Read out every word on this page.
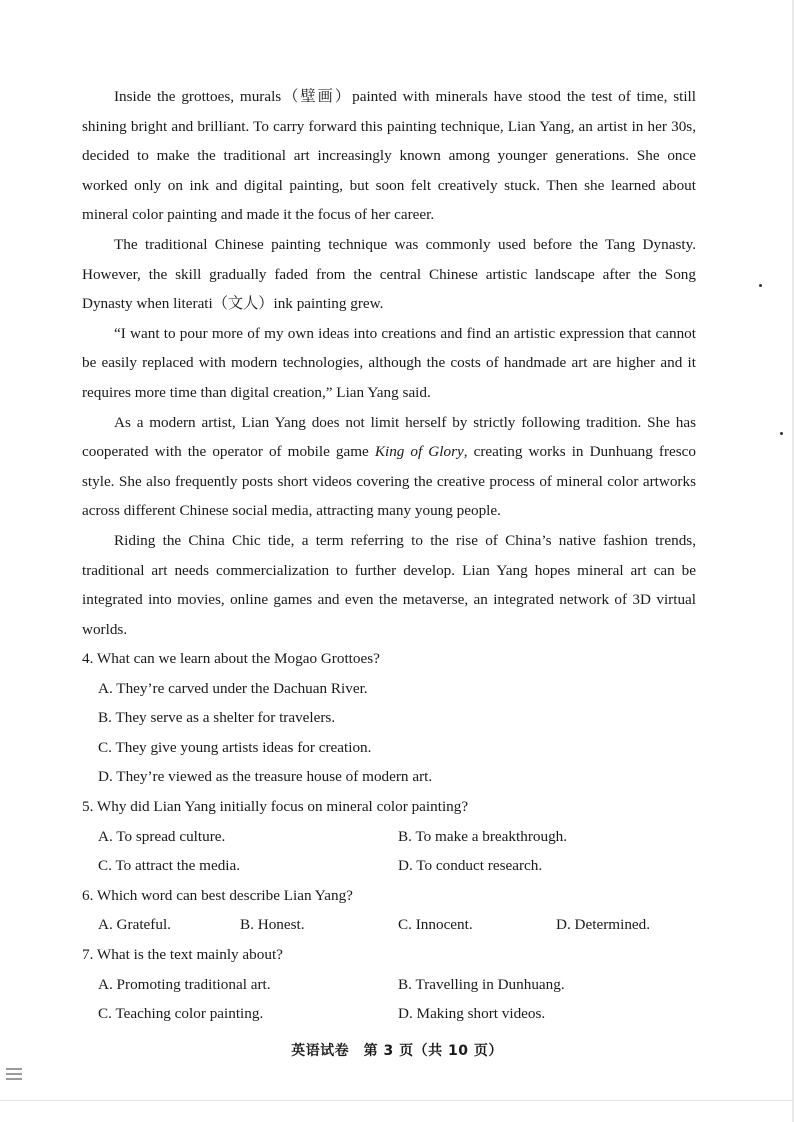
Inside the grottoes, murals（壁画）painted with minerals have stood the test of time, still shining bright and brilliant. To carry forward this painting technique, Lian Yang, an artist in her 30s, decided to make the traditional art increasingly known among younger generations. She once worked only on ink and digital painting, but soon felt creatively stuck. Then she learned about mineral color painting and made it the focus of her career.

The traditional Chinese painting technique was commonly used before the Tang Dynasty. However, the skill gradually faded from the central Chinese artistic landscape after the Song Dynasty when literati（文人）ink painting grew.

“I want to pour more of my own ideas into creations and find an artistic expression that cannot be easily replaced with modern technologies, although the costs of handmade art are higher and it requires more time than digital creation,” Lian Yang said.

As a modern artist, Lian Yang does not limit herself by strictly following tradition. She has cooperated with the operator of mobile game King of Glory, creating works in Dunhuang fresco style. She also frequently posts short videos covering the creative process of mineral color artworks across different Chinese social media, attracting many young people.

Riding the China Chic tide, a term referring to the rise of China’s native fashion trends, traditional art needs commercialization to further develop. Lian Yang hopes mineral art can be integrated into movies, online games and even the metaverse, an integrated network of 3D virtual worlds.

4. What can we learn about the Mogao Grottoes?
A. They’re carved under the Dachuan River.
B. They serve as a shelter for travelers.
C. They give young artists ideas for creation.
D. They’re viewed as the treasure house of modern art.
5. Why did Lian Yang initially focus on mineral color painting?
A. To spread culture.	B. To make a breakthrough.
C. To attract the media.	D. To conduct research.
6. Which word can best describe Lian Yang?
A. Grateful.	B. Honest.	C. Innocent.	D. Determined.
7. What is the text mainly about?
A. Promoting traditional art.	B. Travelling in Dunhuang.
C. Teaching color painting.	D. Making short videos.
英语试卷　第 3 页（共 10 页）
